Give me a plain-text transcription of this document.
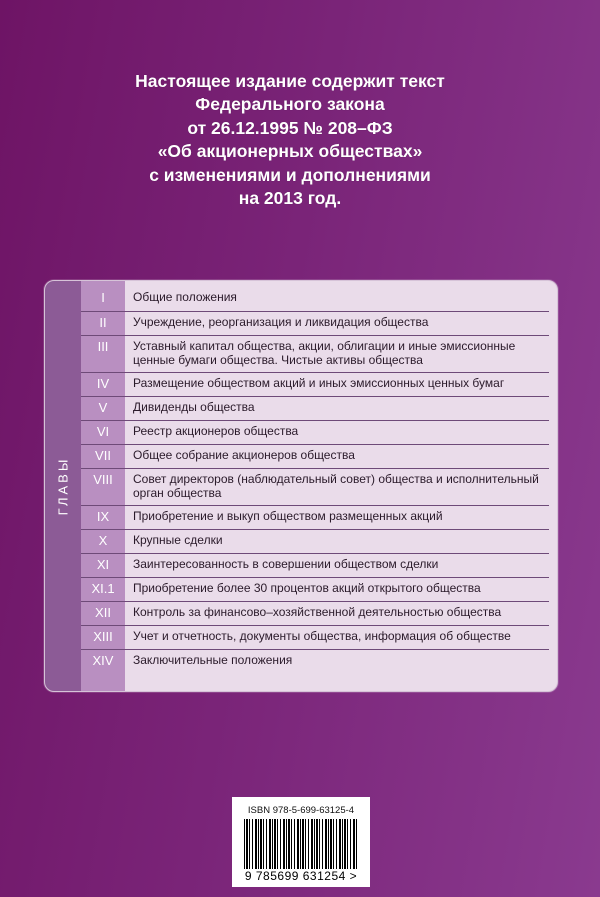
Настоящее издание содержит текст
Федерального закона
от 26.12.1995 № 208–ФЗ
«Об акционерных обществах»
с изменениями и дополнениями
на 2013 год.
ГЛАВЫ
I	Общие положения
II	Учреждение, реорганизация и ликвидация общества
III	Уставный капитал общества, акции, облигации и иные эмиссионные ценные бумаги общества. Чистые активы общества
IV	Размещение обществом акций и иных эмиссионных ценных бумаг
V	Дивиденды общества
VI	Реестр акционеров общества
VII	Общее собрание акционеров общества
VIII	Совет директоров (наблюдательный совет) общества и исполнительный орган общества
IX	Приобретение и выкуп обществом размещенных акций
X	Крупные сделки
XI	Заинтересованность в совершении обществом сделки
XI.1	Приобретение более 30 процентов акций открытого общества
XII	Контроль за финансово–хозяйственной деятельностью общества
XIII	Учет и отчетность, документы общества, информация об обществе
XIV	Заключительные положения
ISBN 978-5-699-63125-4
9 785699 631254 >
